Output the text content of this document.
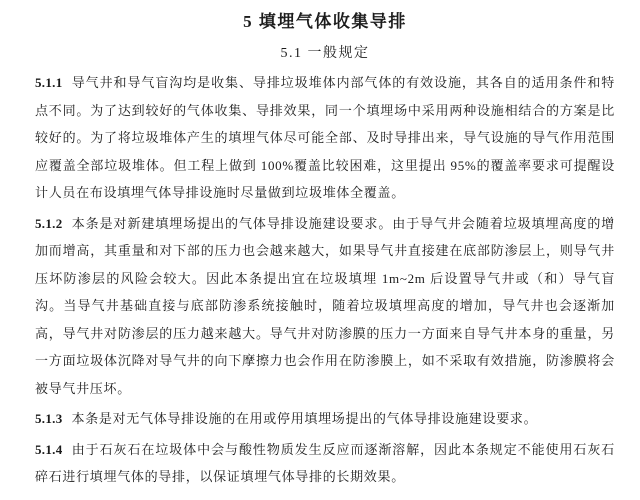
5 填埋气体收集导排
5.1 一般规定

5.1.1 导气井和导气盲沟均是收集、导排垃圾堆体内部气体的有效设施，其各自的适用条件和特点不同。为了达到较好的气体收集、导排效果，同一个填埋场中采用两种设施相结合的方案是比较好的。为了将垃圾堆体产生的填埋气体尽可能全部、及时导排出来，导气设施的导气作用范围应覆盖全部垃圾堆体。但工程上做到 100%覆盖比较困难，这里提出 95%的覆盖率要求可提醒设计人员在布设填埋气体导排设施时尽量做到垃圾堆体全覆盖。

5.1.2 本条是对新建填埋场提出的气体导排设施建设要求。由于导气井会随着垃圾填埋高度的增加而增高，其重量和对下部的压力也会越来越大，如果导气井直接建在底部防渗层上，则导气井压坏防渗层的风险会较大。因此本条提出宜在垃圾填埋 1m~2m 后设置导气井或（和）导气盲沟。当导气井基础直接与底部防渗系统接触时，随着垃圾填埋高度的增加，导气井也会逐渐加高，导气井对防渗层的压力越来越大。导气井对防渗膜的压力一方面来自导气井本身的重量，另一方面垃圾体沉降对导气井的向下摩擦力也会作用在防渗膜上，如不采取有效措施，防渗膜将会被导气井压坏。

5.1.3 本条是对无气体导排设施的在用或停用填埋场提出的气体导排设施建设要求。

5.1.4 由于石灰石在垃圾体中会与酸性物质发生反应而逐渐溶解，因此本条规定不能使用石灰石碎石进行填埋气体的导排，以保证填埋气体导排的长期效果。
